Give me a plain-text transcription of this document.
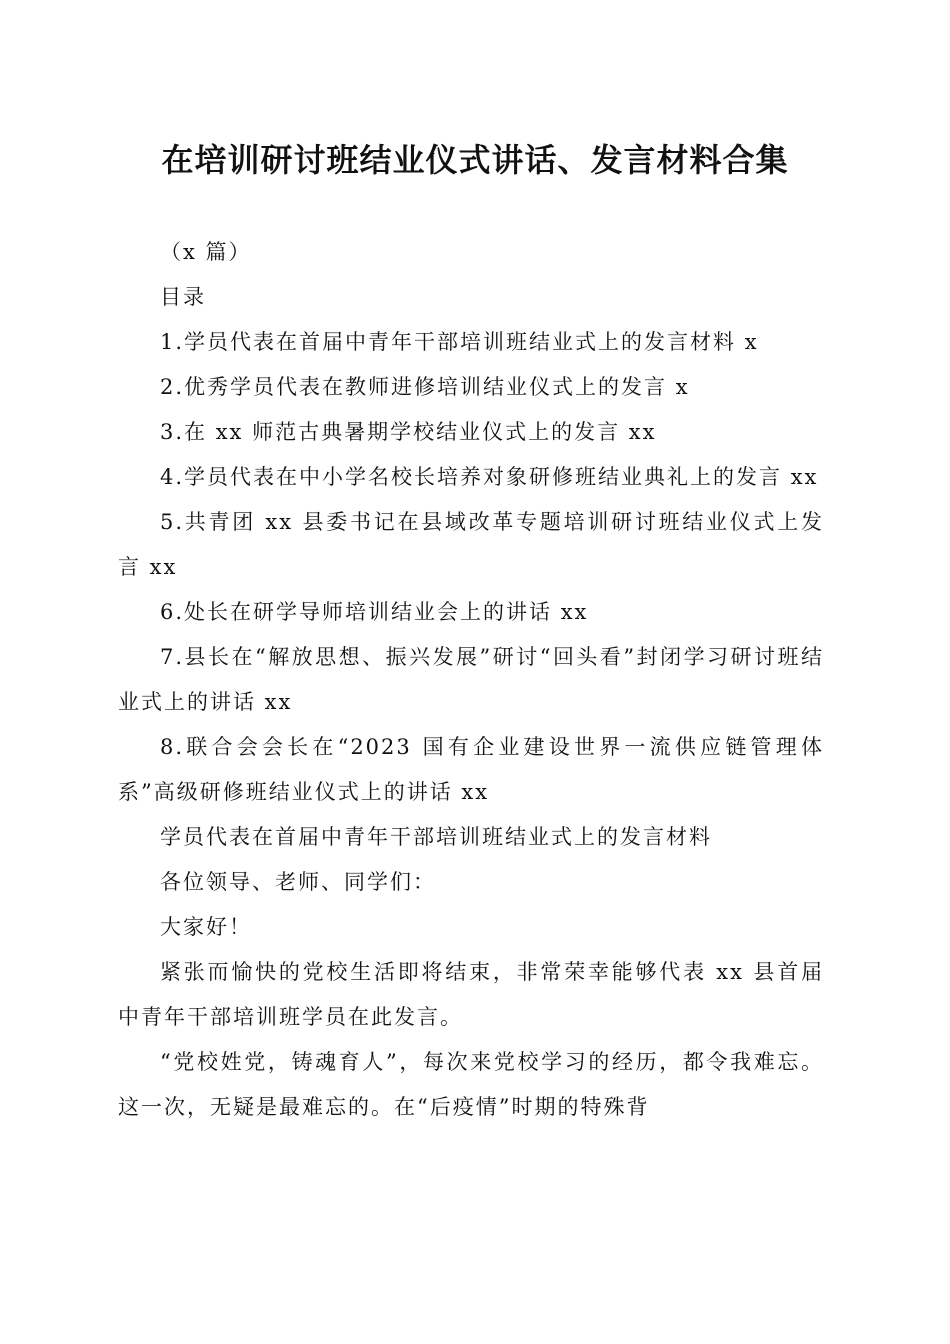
在培训研讨班结业仪式讲话、发言材料合集

（x 篇）

目录

1.学员代表在首届中青年干部培训班结业式上的发言材料 x

2.优秀学员代表在教师进修培训结业仪式上的发言 x

3.在 xx 师范古典暑期学校结业仪式上的发言 xx

4.学员代表在中小学名校长培养对象研修班结业典礼上的发言 xx

5.共青团 xx 县委书记在县域改革专题培训研讨班结业仪式上发言 xx

6.处长在研学导师培训结业会上的讲话 xx

7.县长在“解放思想、振兴发展”研讨“回头看”封闭学习研讨班结业式上的讲话 xx

8.联合会会长在“2023 国有企业建设世界一流供应链管理体系”高级研修班结业仪式上的讲话 xx

学员代表在首届中青年干部培训班结业式上的发言材料

各位领导、老师、同学们：

大家好！

紧张而愉快的党校生活即将结束，非常荣幸能够代表 xx 县首届中青年干部培训班学员在此发言。

“党校姓党，铸魂育人”，每次来党校学习的经历，都令我难忘。这一次，无疑是最难忘的。在“后疫情”时期的特殊背
